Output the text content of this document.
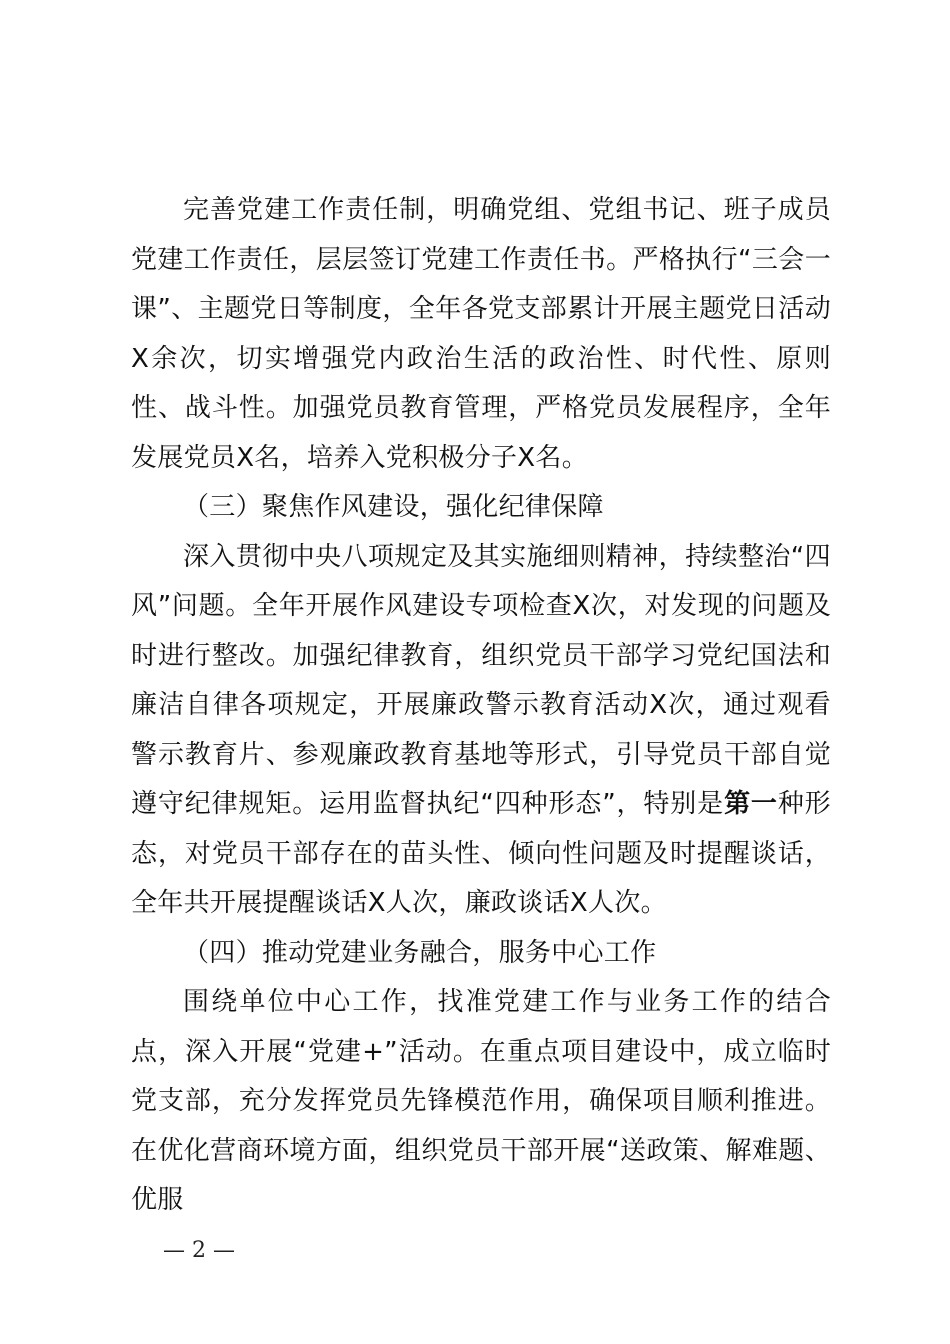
完善党建工作责任制，明确党组、党组书记、班子成员党建工作责任，层层签订党建工作责任书。严格执行“三会一课”、主题党日等制度，全年各党支部累计开展主题党日活动X余次，切实增强党内政治生活的政治性、时代性、原则性、战斗性。加强党员教育管理，严格党员发展程序，全年发展党员X名，培养入党积极分子X名。

（三）聚焦作风建设，强化纪律保障

深入贯彻中央八项规定及其实施细则精神，持续整治“四风”问题。全年开展作风建设专项检查X次，对发现的问题及时进行整改。加强纪律教育，组织党员干部学习党纪国法和廉洁自律各项规定，开展廉政警示教育活动X次，通过观看警示教育片、参观廉政教育基地等形式，引导党员干部自觉遵守纪律规矩。运用监督执纪“四种形态”，特别是第一种形态，对党员干部存在的苗头性、倾向性问题及时提醒谈话，全年共开展提醒谈话X人次，廉政谈话X人次。

（四）推动党建业务融合，服务中心工作

围绕单位中心工作，找准党建工作与业务工作的结合点，深入开展“党建+”活动。在重点项目建设中，成立临时党支部，充分发挥党员先锋模范作用，确保项目顺利推进。在优化营商环境方面，组织党员干部开展“送政策、解难题、优服

— 2 —
